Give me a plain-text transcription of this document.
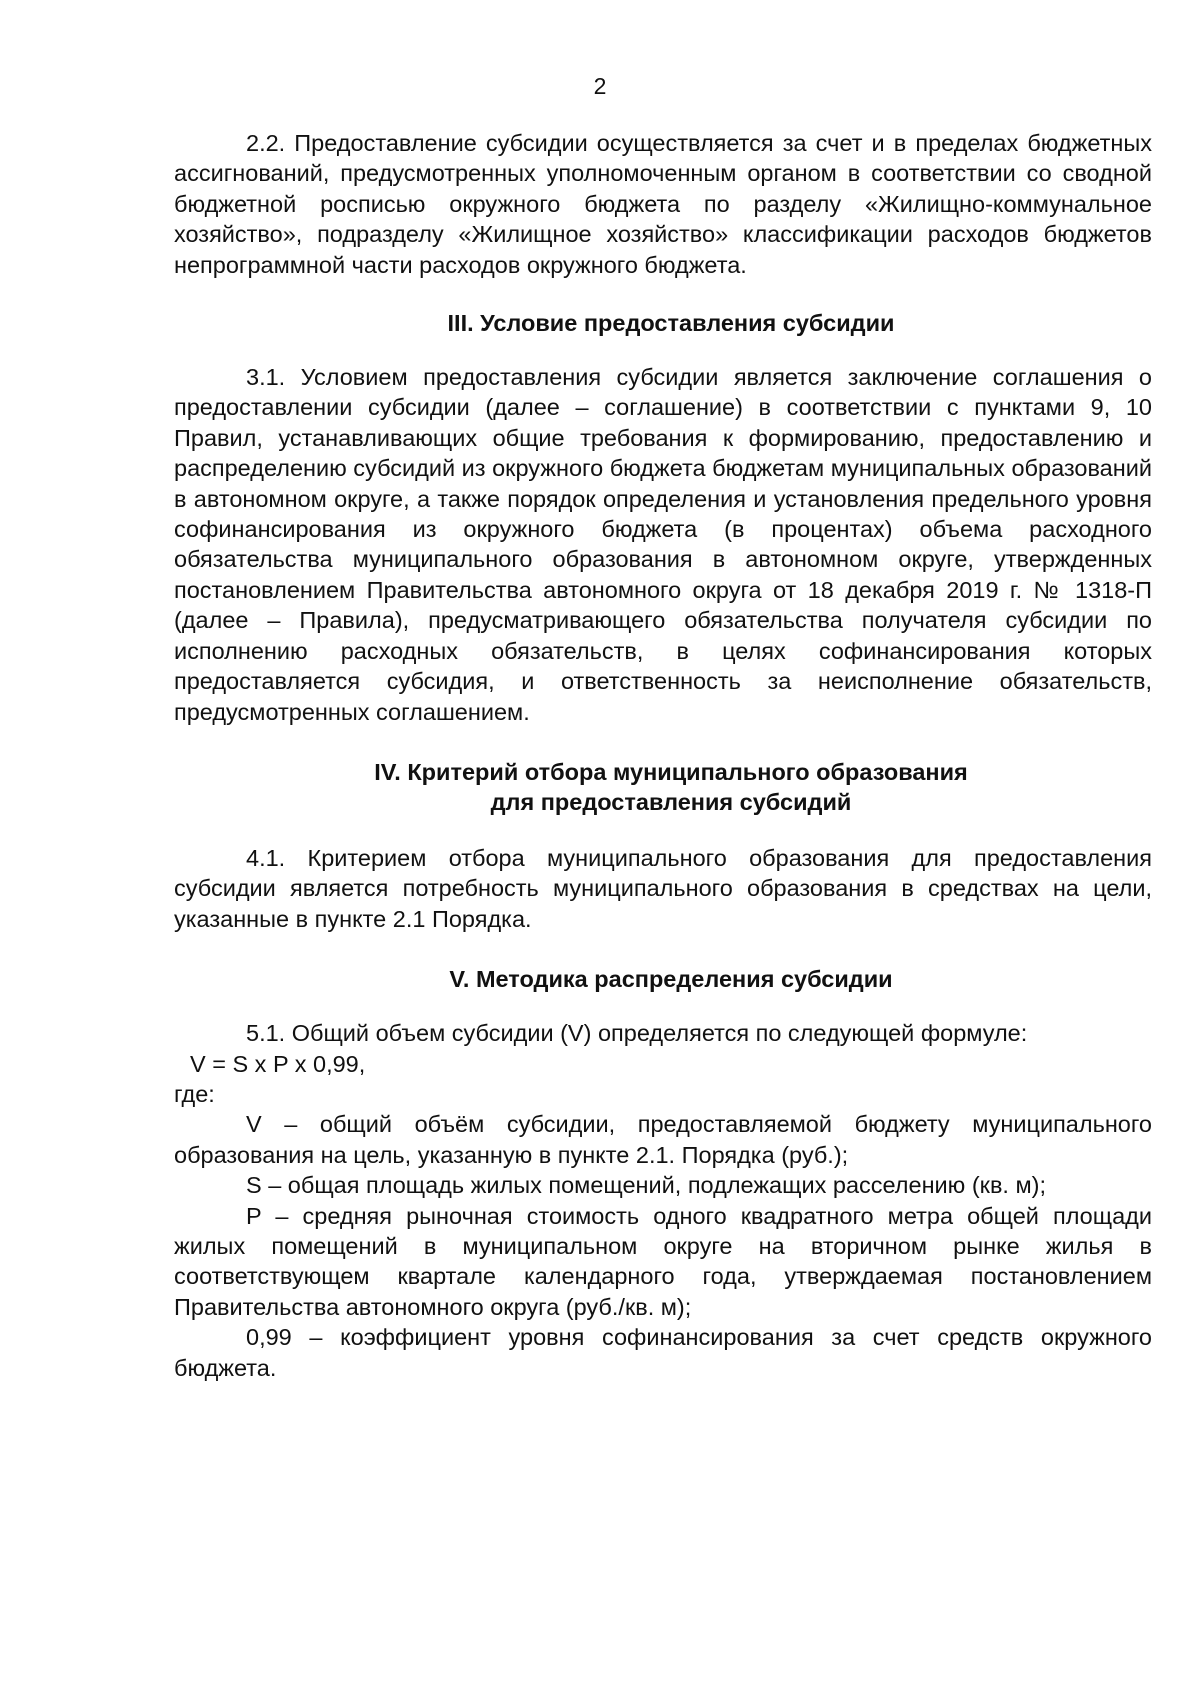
2

2.2. Предоставление субсидии осуществляется за счет и в пределах бюджетных ассигнований, предусмотренных уполномоченным органом в соответствии со сводной бюджетной росписью окружного бюджета по разделу «Жилищно-коммунальное хозяйство», подразделу «Жилищное хозяйство» классификации расходов бюджетов непрограммной части расходов окружного бюджета.

III. Условие предоставления субсидии

3.1. Условием предоставления субсидии является заключение соглашения о предоставлении субсидии (далее – соглашение) в соответствии с пунктами 9, 10 Правил, устанавливающих общие требования к формированию, предоставлению и распределению субсидий из окружного бюджета бюджетам муниципальных образований в автономном округе, а также порядок определения и установления предельного уровня софинансирования из окружного бюджета (в процентах) объема расходного обязательства муниципального образования в автономном округе, утвержденных постановлением Правительства автономного округа от 18 декабря 2019 г. № 1318-П (далее – Правила), предусматривающего обязательства получателя субсидии по исполнению расходных обязательств, в целях софинансирования которых предоставляется субсидия, и ответственность за неисполнение обязательств, предусмотренных соглашением.

IV. Критерий отбора муниципального образования
для предоставления субсидий

4.1. Критерием отбора муниципального образования для предоставления субсидии является потребность муниципального образования в средствах на цели, указанные в пункте 2.1 Порядка.

V. Методика распределения субсидии

5.1. Общий объем субсидии (V) определяется по следующей формуле:

V = S x P x 0,99,

где:

V – общий объём субсидии, предоставляемой бюджету муниципального образования на цель, указанную в пункте 2.1. Порядка (руб.);

S – общая площадь жилых помещений, подлежащих расселению (кв. м);

P – средняя рыночная стоимость одного квадратного метра общей площади жилых помещений в муниципальном округе на вторичном рынке жилья в соответствующем квартале календарного года, утверждаемая постановлением Правительства автономного округа (руб./кв. м);

0,99 – коэффициент уровня софинансирования за счет средств окружного бюджета.
